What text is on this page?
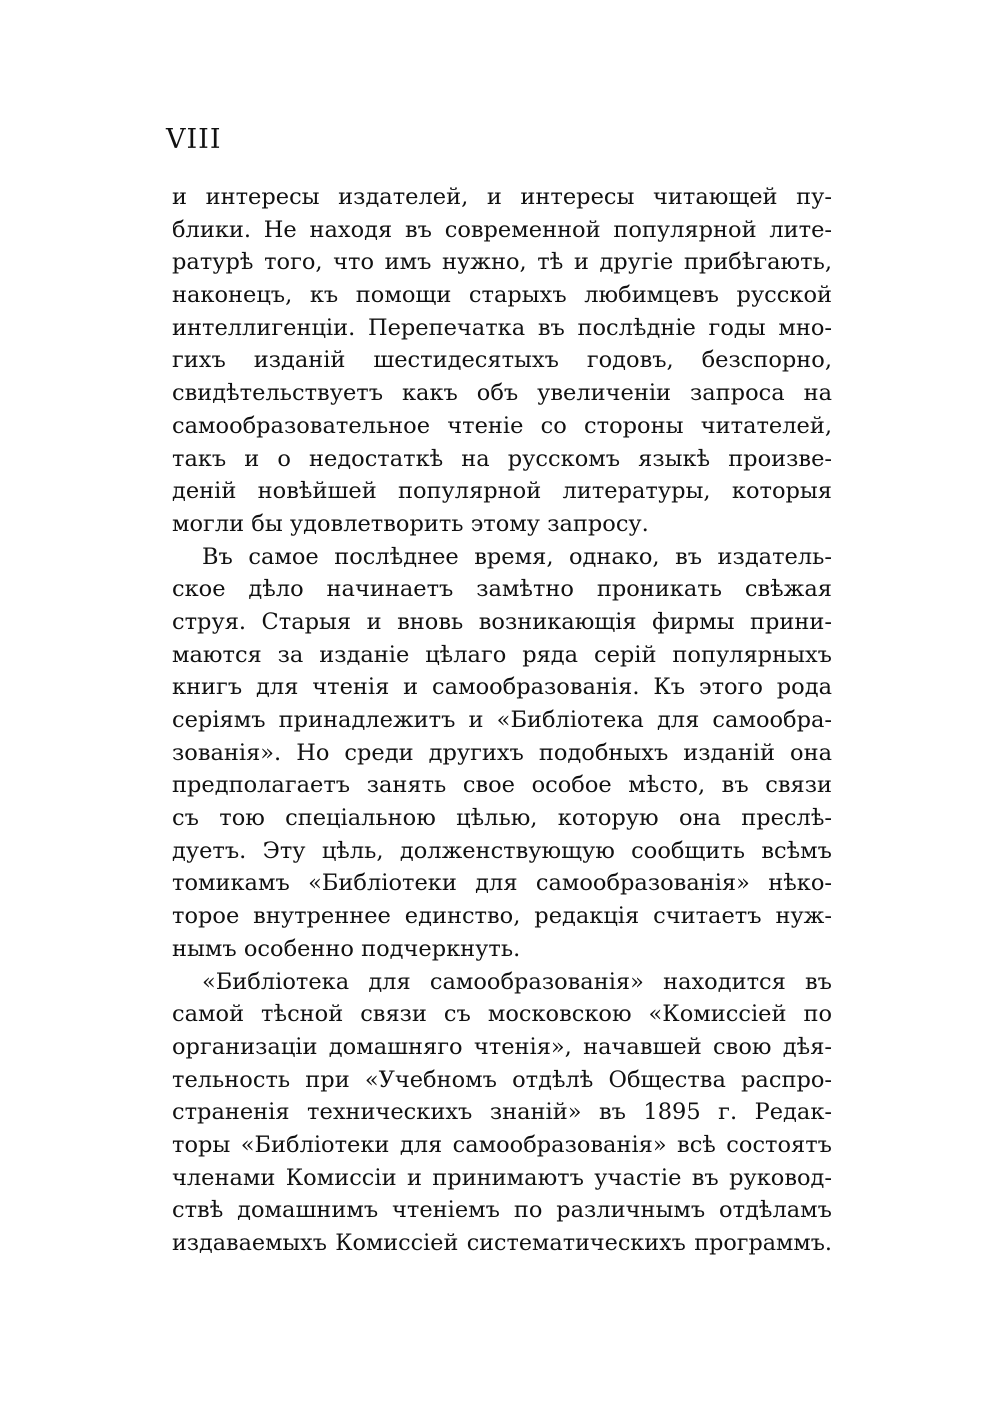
VIII
и интересы издателей, и интересы читающей пу-
блики. Не находя въ современной популярной лите-
ратурѣ того, что имъ нужно, тѣ и другіе прибѣгають,
наконецъ, къ помощи старыхъ любимцевъ русской
интеллигенціи. Перепечатка въ послѣдніе годы мно-
гихъ изданій шестидесятыхъ годовъ, безспорно,
свидѣтельствуетъ какъ объ увеличеніи запроса на
самообразовательное чтеніе со стороны читателей,
такъ и о недостаткѣ на русскомъ языкѣ произве-
деній новѣйшей популярной литературы, которыя
могли бы удовлетворить этому запросу.
Въ самое послѣднее время, однако, въ издатель-
ское дѣло начинаетъ замѣтно проникать свѣжая
струя. Старыя и вновь возникающія фирмы прини-
маются за изданіе цѣлаго ряда серій популярныхъ
книгъ для чтенія и самообразованія. Къ этого рода
серіямъ принадлежитъ и «Библіотека для самообра-
зованія». Но среди другихъ подобныхъ изданій она
предполагаетъ занять свое особое мѣсто, въ связи
съ тою спеціальною цѣлью, которую она преслѣ-
дуетъ. Эту цѣль, долженствующую сообщить всѣмъ
томикамъ «Библіотеки для самообразованія» нѣко-
торое внутреннее единство, редакція считаетъ нуж-
нымъ особенно подчеркнуть.
«Библіотека для самообразованія» находится въ
самой тѣсной связи съ московскою «Комиссіей по
организаціи домашняго чтенія», начавшей свою дѣя-
тельность при «Учебномъ отдѣлѣ Общества распро-
страненія техническихъ знаній» въ 1895 г. Редак-
торы «Библіотеки для самообразованія» всѣ состоятъ
членами Комиссіи и принимаютъ участіе въ руковод-
ствѣ домашнимъ чтеніемъ по различнымъ отдѣламъ
издаваемыхъ Комиссіей систематическихъ программъ.
